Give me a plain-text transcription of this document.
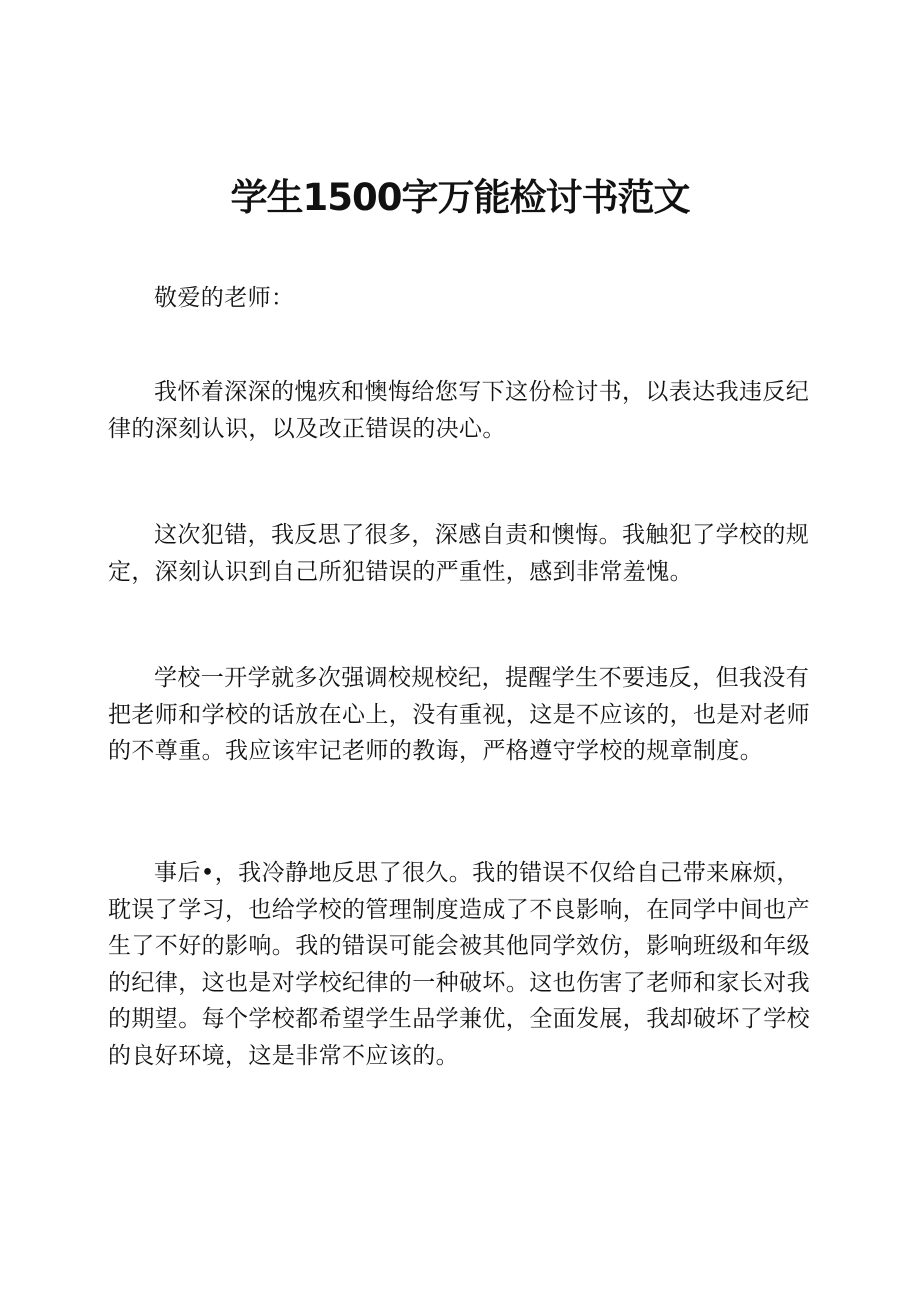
学生1500字万能检讨书范文

敬爱的老师：

我怀着深深的愧疚和懊悔给您写下这份检讨书，以表达我违反纪律的深刻认识，以及改正错误的决心。

这次犯错，我反思了很多，深感自责和懊悔。我触犯了学校的规定，深刻认识到自己所犯错误的严重性，感到非常羞愧。

学校一开学就多次强调校规校纪，提醒学生不要违反，但我没有把老师和学校的话放在心上，没有重视，这是不应该的，也是对老师的不尊重。我应该牢记老师的教诲，严格遵守学校的规章制度。

事后•，我冷静地反思了很久。我的错误不仅给自己带来麻烦，耽误了学习，也给学校的管理制度造成了不良影响，在同学中间也产生了不好的影响。我的错误可能会被其他同学效仿，影响班级和年级的纪律，这也是对学校纪律的一种破坏。这也伤害了老师和家长对我的期望。每个学校都希望学生品学兼优，全面发展，我却破坏了学校的良好环境，这是非常不应该的。
